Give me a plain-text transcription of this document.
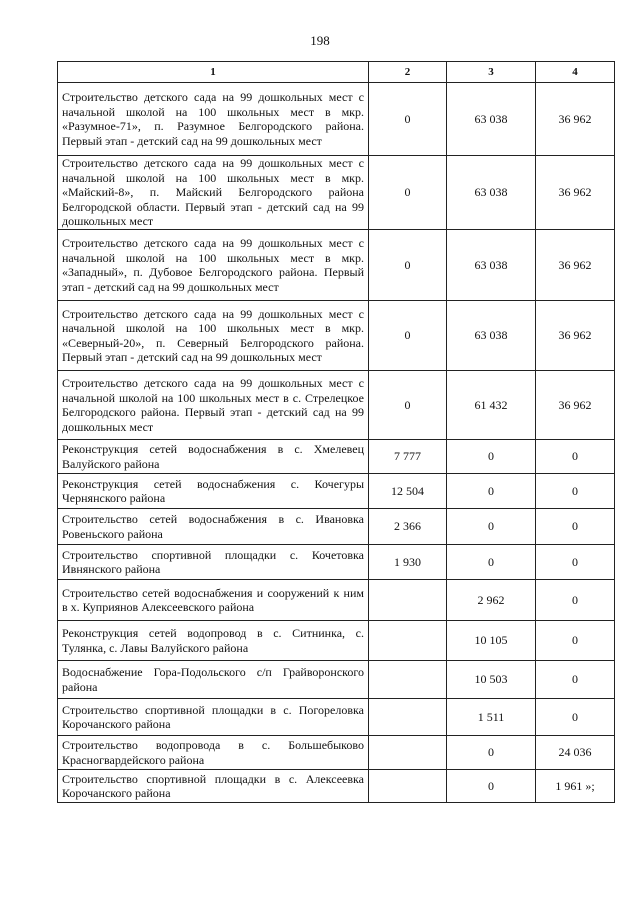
198
1	2	3	4
Строительство детского сада на 99 дошкольных мест с начальной школой на 100 школьных мест в мкр. «Разумное-71», п. Разумное Белгородского района. Первый этап - детский сад на 99 дошкольных мест	0	63 038	36 962
Строительство детского сада на 99 дошкольных мест с начальной школой на 100 школьных мест в мкр. «Майский-8», п. Майский Белгородского района Белгородской области. Первый этап - детский сад на 99 дошкольных мест	0	63 038	36 962
Строительство детского сада на 99 дошкольных мест с начальной школой на 100 школьных мест в мкр. «Западный», п. Дубовое Белгородского района. Первый этап - детский сад на 99 дошкольных мест	0	63 038	36 962
Строительство детского сада на 99 дошкольных мест с начальной школой на 100 школьных мест в мкр. «Северный-20», п. Северный Белгородского района. Первый этап - детский сад на 99 дошкольных мест	0	63 038	36 962
Строительство детского сада на 99 дошкольных мест с начальной школой на 100 школьных мест в с. Стрелецкое Белгородского района. Первый этап - детский сад на 99 дошкольных мест	0	61 432	36 962
Реконструкция сетей водоснабжения в с. Хмелевец Валуйского района	7 777	0	0
Реконструкция сетей водоснабжения с. Кочегуры Чернянского района	12 504	0	0
Строительство сетей водоснабжения в с. Ивановка Ровеньского района	2 366	0	0
Строительство спортивной площадки с. Кочетовка Ивнянского района	1 930	0	0
Строительство сетей водоснабжения и сооружений к ним в х. Куприянов Алексеевского района		2 962	0
Реконструкция сетей водопровод в с. Ситнинка, с. Тулянка, с. Лавы Валуйского района		10 105	0
Водоснабжение Гора-Подольского с/п Грайворонского района		10 503	0
Строительство спортивной площадки в с. Погореловка Корочанского района		1 511	0
Строительство водопровода в с. Большебыково Красногвардейского района		0	24 036
Строительство спортивной площадки в с. Алексеевка Корочанского района		0	1 961 »;
